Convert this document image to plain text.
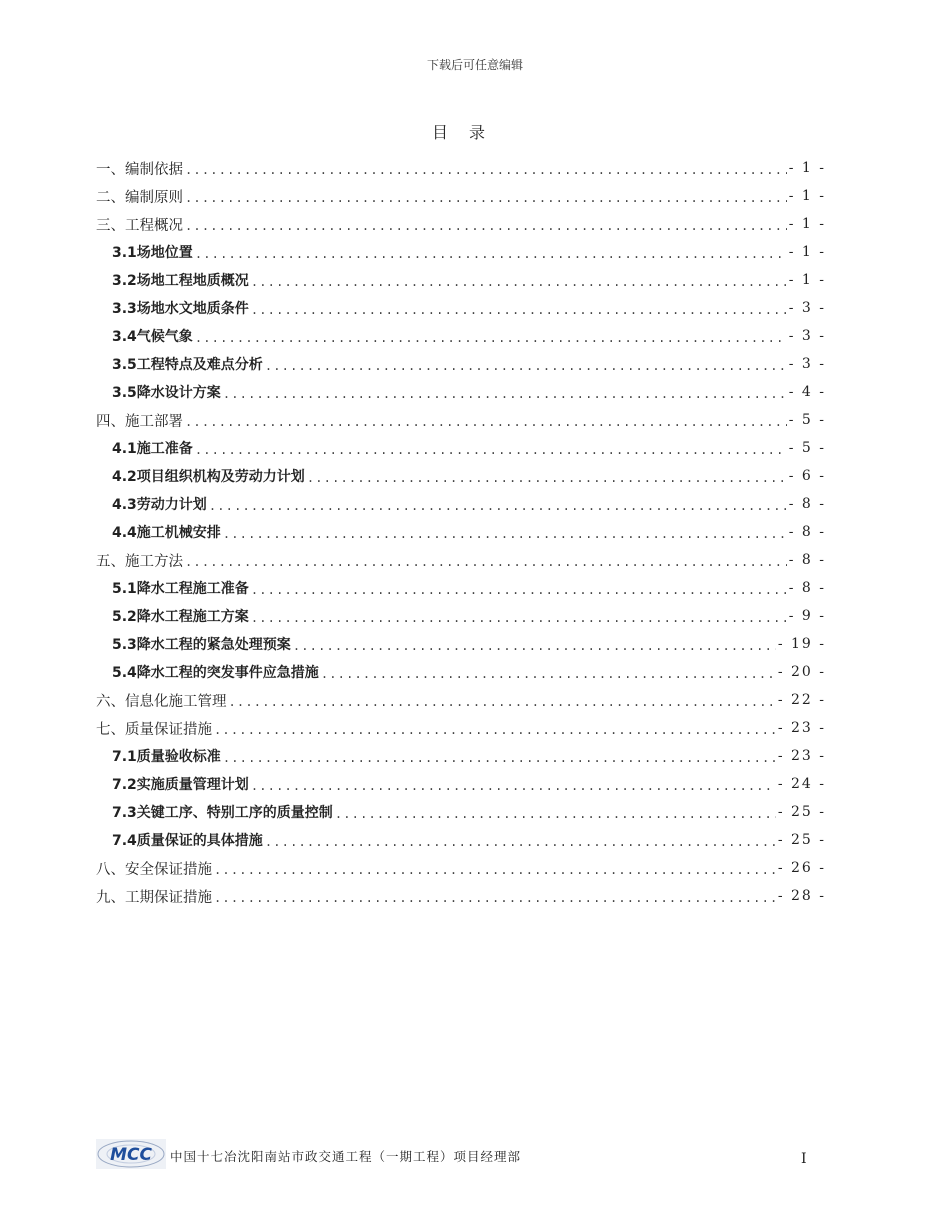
下载后可任意编辑
目 录
一、编制依据 .....	- 1 -
二、编制原则 .....	- 1 -
三、工程概况 .....	- 1 -
3.1场地位置 .....	- 1 -
3.2场地工程地质概况 .....	- 1 -
3.3场地水文地质条件 .....	- 3 -
3.4气候气象 .....	- 3 -
3.5工程特点及难点分析 .....	- 3 -
3.5降水设计方案 .....	- 4 -
四、施工部署 .....	- 5 -
4.1施工准备 .....	- 5 -
4.2项目组织机构及劳动力计划 .....	- 6 -
4.3劳动力计划 .....	- 8 -
4.4施工机械安排 .....	- 8 -
五、施工方法 .....	- 8 -
5.1降水工程施工准备 .....	- 8 -
5.2降水工程施工方案 .....	- 9 -
5.3降水工程的紧急处理预案 .....	- 19 -
5.4降水工程的突发事件应急措施 .....	- 20 -
六、信息化施工管理 .....	- 22 -
七、质量保证措施 .....	- 23 -
7.1质量验收标准 .....	- 23 -
7.2实施质量管理计划 .....	- 24 -
7.3关键工序、特别工序的质量控制 .....	- 25 -
7.4质量保证的具体措施 .....	- 25 -
八、安全保证措施 .....	- 26 -
九、工期保证措施 .....	- 28 -
MCC 中国十七冶沈阳南站市政交通工程（一期工程）项目经理部	I
